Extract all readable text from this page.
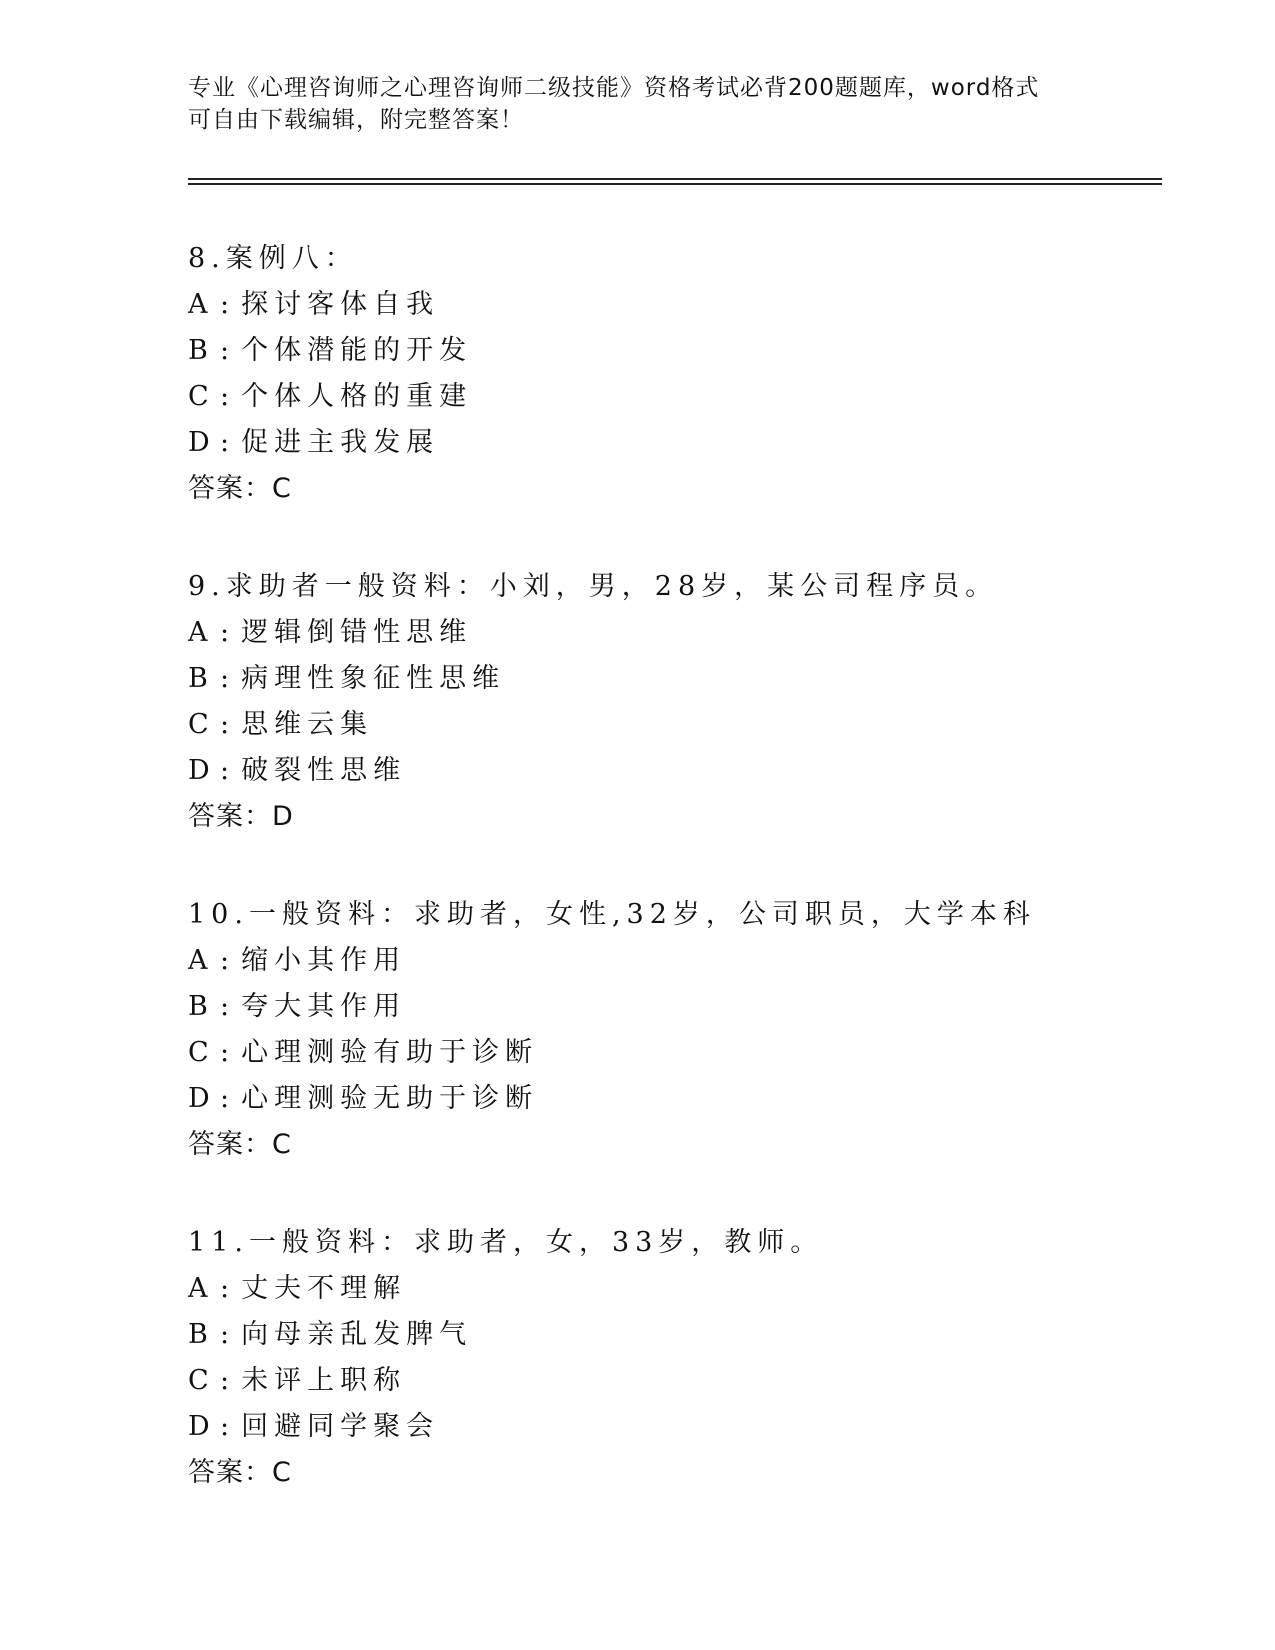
专业《心理咨询师之心理咨询师二级技能》资格考试必背200题题库，word格式
可自由下载编辑，附完整答案！
8.案例八：
A : 探讨客体自我
B : 个体潜能的开发
C : 个体人格的重建
D : 促进主我发展
答案：C
9.求助者一般资料：小刘，男，28岁，某公司程序员。
A : 逻辑倒错性思维
B : 病理性象征性思维
C : 思维云集
D : 破裂性思维
答案：D
10.一般资料：求助者，女性,32岁，公司职员，大学本科
A : 缩小其作用
B : 夸大其作用
C : 心理测验有助于诊断
D : 心理测验无助于诊断
答案：C
11.一般资料：求助者，女，33岁，教师。
A : 丈夫不理解
B : 向母亲乱发脾气
C : 未评上职称
D : 回避同学聚会
答案：C
